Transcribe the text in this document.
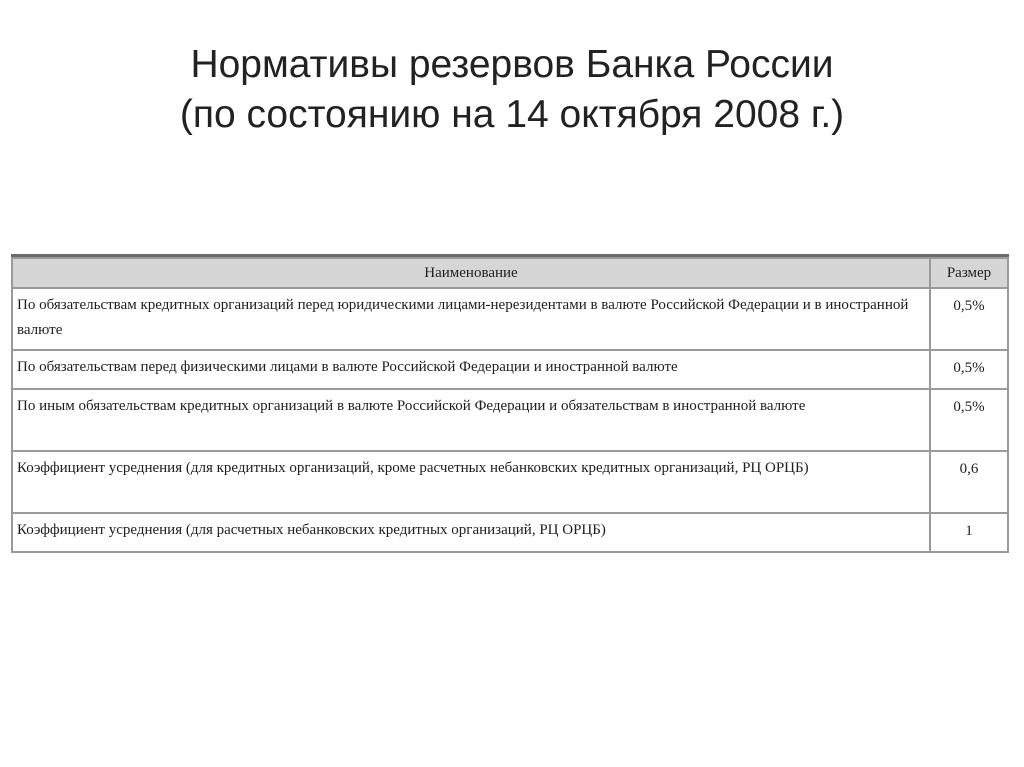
Нормативы резервов Банка России
(по состоянию на 14 октября 2008 г.)
Наименование	Размер
По обязательствам кредитных организаций перед юридическими лицами-нерезидентами в валюте Российской Федерации и в иностранной валюте	0,5%
По обязательствам перед физическими лицами в валюте Российской Федерации и иностранной валюте	0,5%
По иным обязательствам кредитных организаций в валюте Российской Федерации и обязательствам в иностранной валюте	0,5%
Коэффициент усреднения (для кредитных организаций, кроме расчетных небанковских кредитных организаций, РЦ ОРЦБ)	0,6
Коэффициент усреднения (для расчетных небанковских кредитных организаций, РЦ ОРЦБ)	1
